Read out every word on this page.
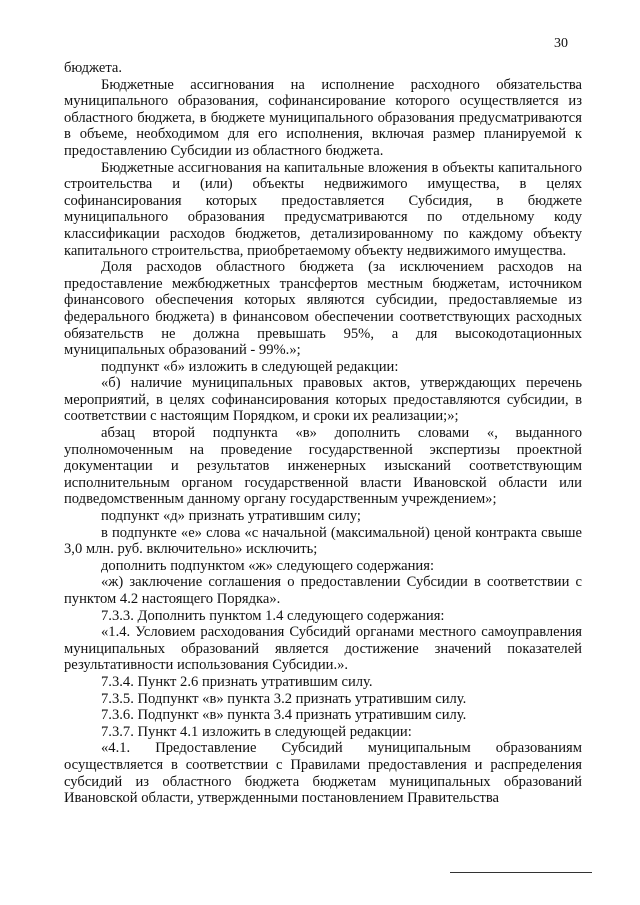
30

бюджета.

Бюджетные ассигнования на исполнение расходного обязательства муниципального образования, софинансирование которого осуществляется из областного бюджета, в бюджете муниципального образования предусматриваются в объеме, необходимом для его исполнения, включая размер планируемой к предоставлению Субсидии из областного бюджета.

Бюджетные ассигнования на капитальные вложения в объекты капитального строительства и (или) объекты недвижимого имущества, в целях софинансирования которых предоставляется Субсидия, в бюджете муниципального образования предусматриваются по отдельному коду классификации расходов бюджетов, детализированному по каждому объекту капитального строительства, приобретаемому объекту недвижимого имущества.

Доля расходов областного бюджета (за исключением расходов на предоставление межбюджетных трансфертов местным бюджетам, источником финансового обеспечения которых являются субсидии, предоставляемые из федерального бюджета) в финансовом обеспечении соответствующих расходных обязательств не должна превышать 95%, а для высокодотационных муниципальных образований - 99%.»;

подпункт «б» изложить в следующей редакции:

«б) наличие муниципальных правовых актов, утверждающих перечень мероприятий, в целях софинансирования которых предоставляются субсидии, в соответствии с настоящим Порядком, и сроки их реализации;»;

абзац второй подпункта «в» дополнить словами «, выданного уполномоченным на проведение государственной экспертизы проектной документации и результатов инженерных изысканий соответствующим исполнительным органом государственной власти Ивановской области или подведомственным данному органу государственным учреждением»;

подпункт «д» признать утратившим силу;

в подпункте «е» слова «с начальной (максимальной) ценой контракта свыше 3,0 млн. руб. включительно» исключить;

дополнить подпунктом «ж» следующего содержания:

«ж) заключение соглашения о предоставлении Субсидии в соответствии с пунктом 4.2 настоящего Порядка».

7.3.3. Дополнить пунктом 1.4 следующего содержания:

«1.4. Условием расходования Субсидий органами местного самоуправления муниципальных образований является достижение значений показателей результативности использования Субсидии.».

7.3.4. Пункт 2.6 признать утратившим силу.

7.3.5. Подпункт «в» пункта 3.2 признать утратившим силу.

7.3.6. Подпункт «в» пункта 3.4 признать утратившим силу.

7.3.7. Пункт 4.1 изложить в следующей редакции:

«4.1. Предоставление Субсидий муниципальным образованиям осуществляется в соответствии с Правилами предоставления и распределения субсидий из областного бюджета бюджетам муниципальных образований Ивановской области, утвержденными постановлением Правительства
